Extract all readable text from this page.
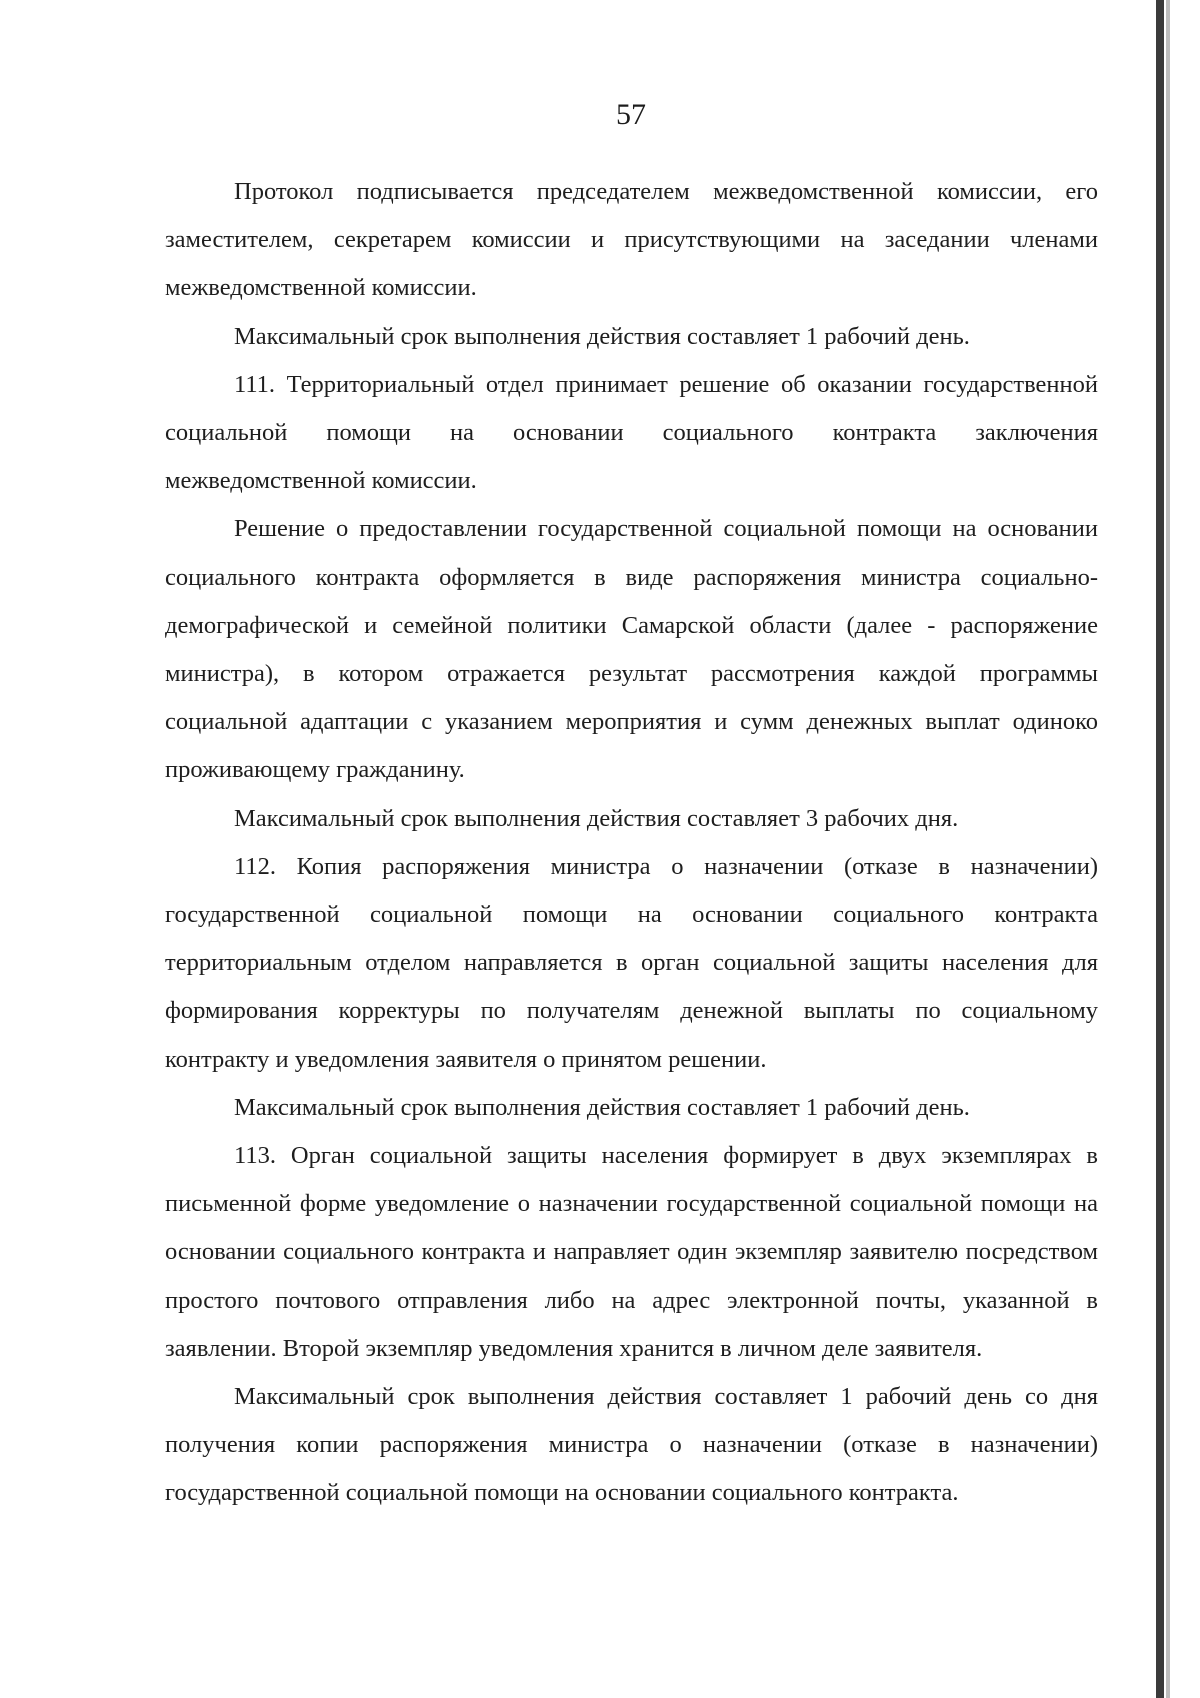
57

Протокол подписывается председателем межведомственной комиссии, его заместителем, секретарем комиссии и присутствующими на заседании членами межведомственной комиссии.

Максимальный срок выполнения действия составляет 1 рабочий день.

111. Территориальный отдел принимает решение об оказании государственной социальной помощи на основании социального контракта заключения межведомственной комиссии.

Решение о предоставлении государственной социальной помощи на основании социального контракта оформляется в виде распоряжения министра социально-демографической и семейной политики Самарской области (далее - распоряжение министра), в котором отражается результат рассмотрения каждой программы социальной адаптации с указанием мероприятия и сумм денежных выплат одиноко проживающему гражданину.

Максимальный срок выполнения действия составляет 3 рабочих дня.

112. Копия распоряжения министра о назначении (отказе в назначении) государственной социальной помощи на основании социального контракта территориальным отделом направляется в орган социальной защиты населения для формирования корректуры по получателям денежной выплаты по социальному контракту и уведомления заявителя о принятом решении.

Максимальный срок выполнения действия составляет 1 рабочий день.

113. Орган социальной защиты населения формирует в двух экземплярах в письменной форме уведомление о назначении государственной социальной помощи на основании социального контракта и направляет один экземпляр заявителю посредством простого почтового отправления либо на адрес электронной почты, указанной в заявлении. Второй экземпляр уведомления хранится в личном деле заявителя.

Максимальный срок выполнения действия составляет 1 рабочий день со дня получения копии распоряжения министра о назначении (отказе в назначении) государственной социальной помощи на основании социального контракта.
